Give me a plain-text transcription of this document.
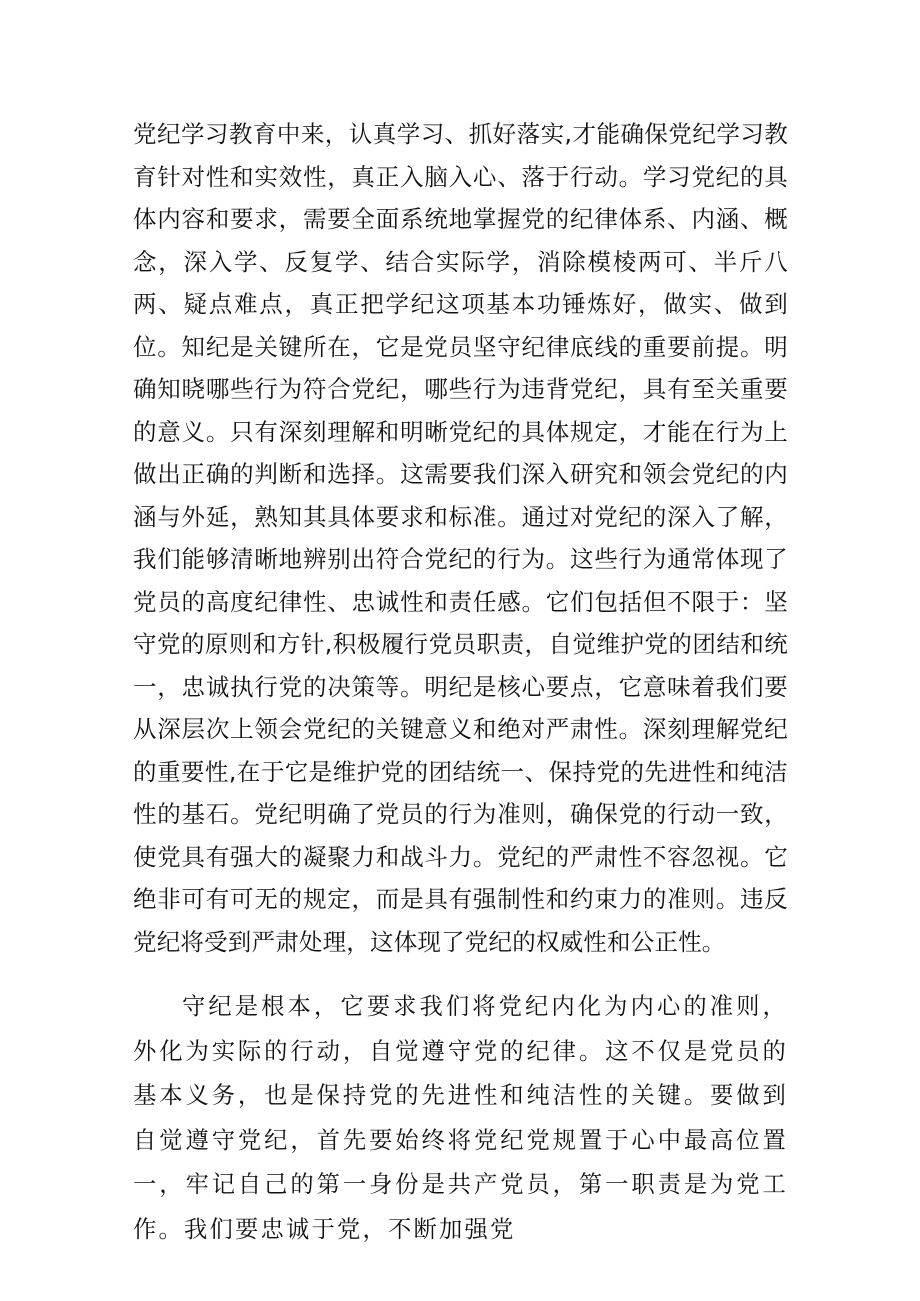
党纪学习教育中来，认真学习、抓好落实,才能确保党纪学习教育针对性和实效性，真正入脑入心、落于行动。学习党纪的具体内容和要求，需要全面系统地掌握党的纪律体系、内涵、概念，深入学、反复学、结合实际学，消除模棱两可、半斤八两、疑点难点，真正把学纪这项基本功锤炼好，做实、做到位。知纪是关键所在，它是党员坚守纪律底线的重要前提。明确知晓哪些行为符合党纪，哪些行为违背党纪，具有至关重要的意义。只有深刻理解和明晰党纪的具体规定，才能在行为上做出正确的判断和选择。这需要我们深入研究和领会党纪的内涵与外延，熟知其具体要求和标准。通过对党纪的深入了解，我们能够清晰地辨别出符合党纪的行为。这些行为通常体现了党员的高度纪律性、忠诚性和责任感。它们包括但不限于：坚守党的原则和方针,积极履行党员职责，自觉维护党的团结和统一，忠诚执行党的决策等。明纪是核心要点，它意味着我们要从深层次上领会党纪的关键意义和绝对严肃性。深刻理解党纪的重要性,在于它是维护党的团结统一、保持党的先进性和纯洁性的基石。党纪明确了党员的行为准则，确保党的行动一致，使党具有强大的凝聚力和战斗力。党纪的严肃性不容忽视。它绝非可有可无的规定，而是具有强制性和约束力的准则。违反党纪将受到严肃处理，这体现了党纪的权威性和公正性。

守纪是根本，它要求我们将党纪内化为内心的准则，外化为实际的行动，自觉遵守党的纪律。这不仅是党员的基本义务，也是保持党的先进性和纯洁性的关键。要做到自觉遵守党纪，首先要始终将党纪党规置于心中最高位置一，牢记自己的第一身份是共产党员，第一职责是为党工作。我们要忠诚于党，不断加强党
